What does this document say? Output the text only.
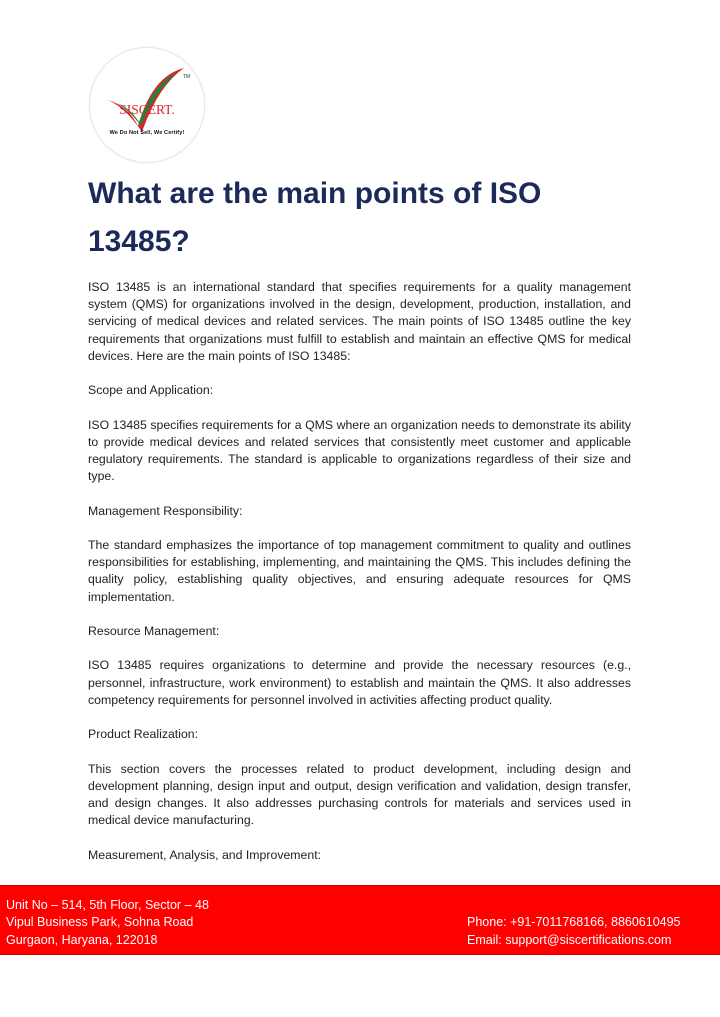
SISCERT.
TM
We Do Not Sell, We Certify!
What are the main points of ISO 13485?

ISO 13485 is an international standard that specifies requirements for a quality management system (QMS) for organizations involved in the design, development, production, installation, and servicing of medical devices and related services. The main points of ISO 13485 outline the key requirements that organizations must fulfill to establish and maintain an effective QMS for medical devices. Here are the main points of ISO 13485:

Scope and Application:

ISO 13485 specifies requirements for a QMS where an organization needs to demonstrate its ability to provide medical devices and related services that consistently meet customer and applicable regulatory requirements. The standard is applicable to organizations regardless of their size and type.

Management Responsibility:

The standard emphasizes the importance of top management commitment to quality and outlines responsibilities for establishing, implementing, and maintaining the QMS. This includes defining the quality policy, establishing quality objectives, and ensuring adequate resources for QMS implementation.

Resource Management:

ISO 13485 requires organizations to determine and provide the necessary resources (e.g., personnel, infrastructure, work environment) to establish and maintain the QMS. It also addresses competency requirements for personnel involved in activities affecting product quality.

Product Realization:

This section covers the processes related to product development, including design and development planning, design input and output, design verification and validation, design transfer, and design changes. It also addresses purchasing controls for materials and services used in medical device manufacturing.

Measurement, Analysis, and Improvement:

Unit No – 514, 5th Floor, Sector – 48
Vipul Business Park, Sohna Road
Gurgaon, Haryana, 122018
Phone: +91-7011768166, 8860610495
Email: support@siscertifications.com
